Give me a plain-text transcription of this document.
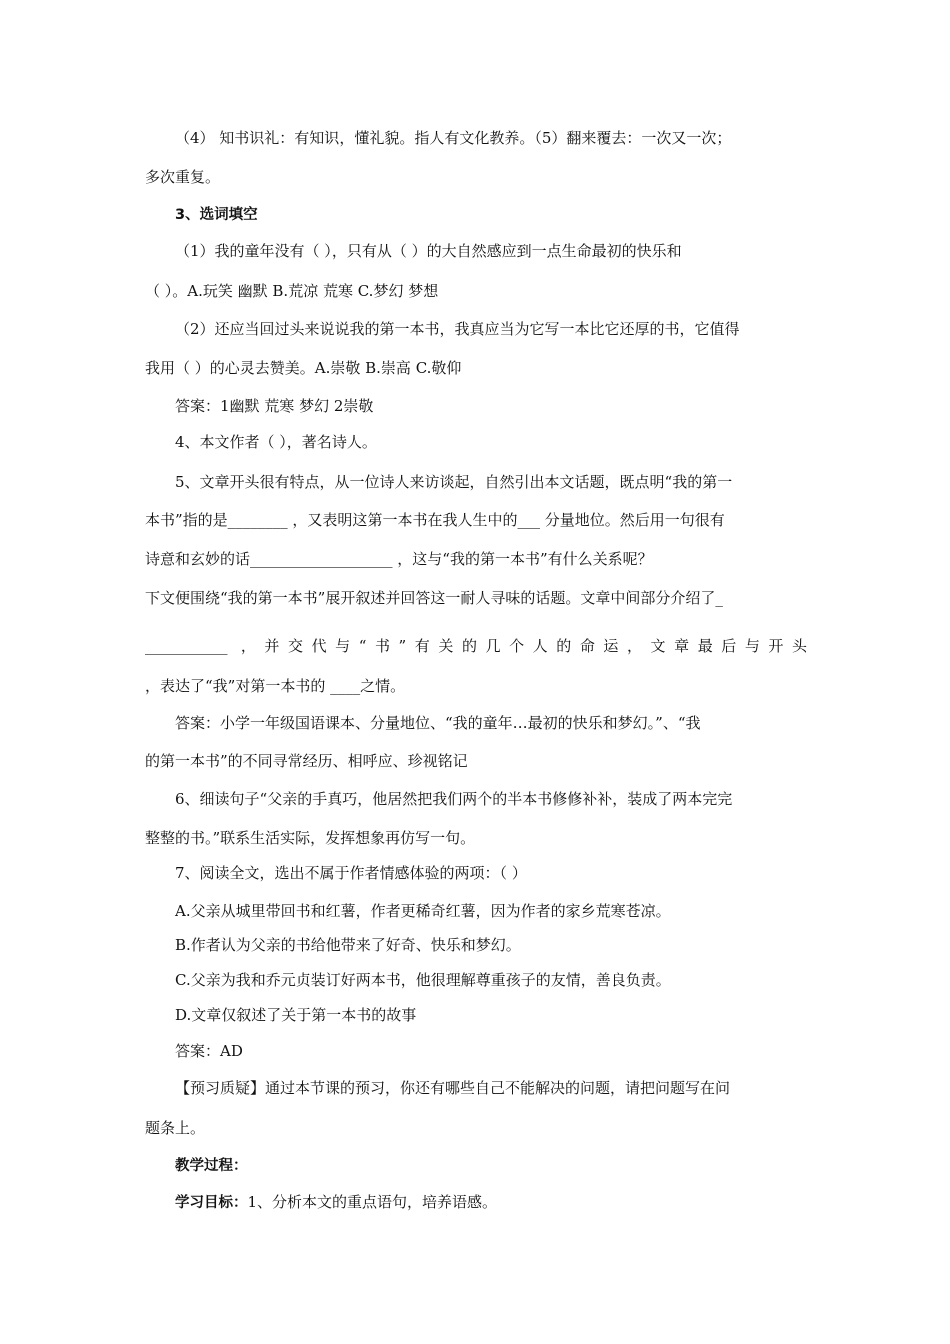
（4） 知书识礼：有知识，懂礼貌。指人有文化教养。（5）翻来覆去：一次又一次；
多次重复。
3、选词填空
（1）我的童年没有（ ），只有从（ ）的大自然感应到一点生命最初的快乐和
（ ）。A.玩笑 幽默 B.荒凉 荒寒 C.梦幻 梦想
（2）还应当回过头来说说我的第一本书，我真应当为它写一本比它还厚的书，它值得
我用（ ）的心灵去赞美。A.崇敬 B.崇高 C.敬仰
答案：1幽默 荒寒 梦幻 2崇敬
4、本文作者（ ），著名诗人。
5、文章开头很有特点，从一位诗人来访谈起，自然引出本文话题，既点明“我的第一
本书”指的是________ ，又表明这第一本书在我人生中的___ 分量地位。然后用一句很有
诗意和玄妙的话___________________ ，这与“我的第一本书”有什么关系呢？
下文便围绕“我的第一本书”展开叙述并回答这一耐人寻味的话题。文章中间部分介绍了_
___________ ，并交代与“书”有关的几个人的命运，文章最后与开头
，表达了“我”对第一本书的 ____之情。
答案：小学一年级国语课本、分量地位、“我的童年…最初的快乐和梦幻。”、“我
的第一本书”的不同寻常经历、相呼应、珍视铭记
6、细读句子“父亲的手真巧，他居然把我们两个的半本书修修补补，装成了两本完完
整整的书。”联系生活实际，发挥想象再仿写一句。
7、阅读全文，选出不属于作者情感体验的两项：（ ）
A.父亲从城里带回书和红薯，作者更稀奇红薯，因为作者的家乡荒寒苍凉。
B.作者认为父亲的书给他带来了好奇、快乐和梦幻。
C.父亲为我和乔元贞装订好两本书，他很理解尊重孩子的友情，善良负责。
D.文章仅叙述了关于第一本书的故事
答案：AD
【预习质疑】通过本节课的预习，你还有哪些自己不能解决的问题，请把问题写在问
题条上。
教学过程：
学习目标：1、分析本文的重点语句，培养语感。
